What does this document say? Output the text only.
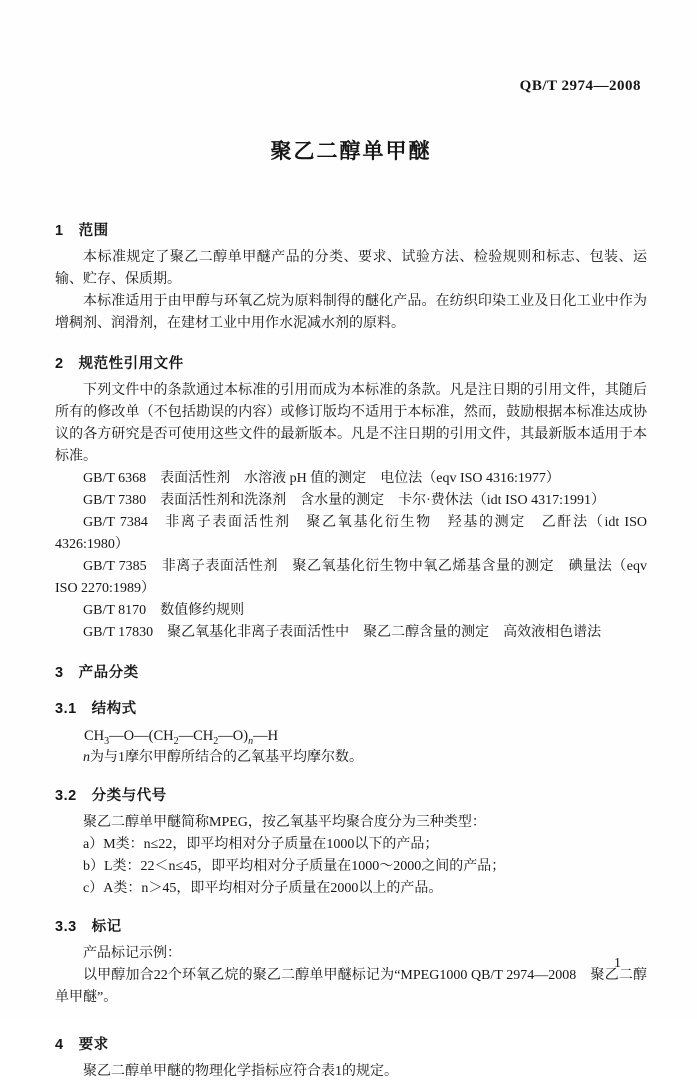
QB/T 2974—2008
聚乙二醇单甲醚
1　范围

本标准规定了聚乙二醇单甲醚产品的分类、要求、试验方法、检验规则和标志、包装、运输、贮存、保质期。

本标准适用于由甲醇与环氧乙烷为原料制得的醚化产品。在纺织印染工业及日化工业中作为增稠剂、润滑剂，在建材工业中用作水泥减水剂的原料。

2　规范性引用文件

下列文件中的条款通过本标准的引用而成为本标准的条款。凡是注日期的引用文件，其随后所有的修改单（不包括勘误的内容）或修订版均不适用于本标准，然而，鼓励根据本标准达成协议的各方研究是否可使用这些文件的最新版本。凡是不注日期的引用文件，其最新版本适用于本标准。

GB/T 6368　表面活性剂　水溶液 pH 值的测定　电位法（eqv ISO 4316:1977）

GB/T 7380　表面活性剂和洗涤剂　含水量的测定　卡尔·费休法（idt ISO 4317:1991）

GB/T 7384　非离子表面活性剂　聚乙氧基化衍生物　羟基的测定　乙酐法（idt ISO 4326:1980）

GB/T 7385　非离子表面活性剂　聚乙氧基化衍生物中氧乙烯基含量的测定　碘量法（eqv ISO 2270:1989）

GB/T 8170　数值修约规则

GB/T 17830　聚乙氧基化非离子表面活性中　聚乙二醇含量的测定　高效液相色谱法

3　产品分类
3.1　结构式

$CH_3—O—(CH_2—CH_2—O)_n—H$

n为与1摩尔甲醇所结合的乙氧基平均摩尔数。

3.2　分类与代号

聚乙二醇单甲醚简称MPEG，按乙氧基平均聚合度分为三种类型：

a）M类：n≤22，即平均相对分子质量在1000以下的产品；

b）L类：22＜n≤45，即平均相对分子质量在1000～2000之间的产品；

c）A类：n＞45，即平均相对分子质量在2000以上的产品。

3.3　标记

产品标记示例：

以甲醇加合22个环氧乙烷的聚乙二醇单甲醚标记为“MPEG1000 QB/T 2974—2008　聚乙二醇单甲醚”。

4　要求

聚乙二醇单甲醚的物理化学指标应符合表1的规定。

1
